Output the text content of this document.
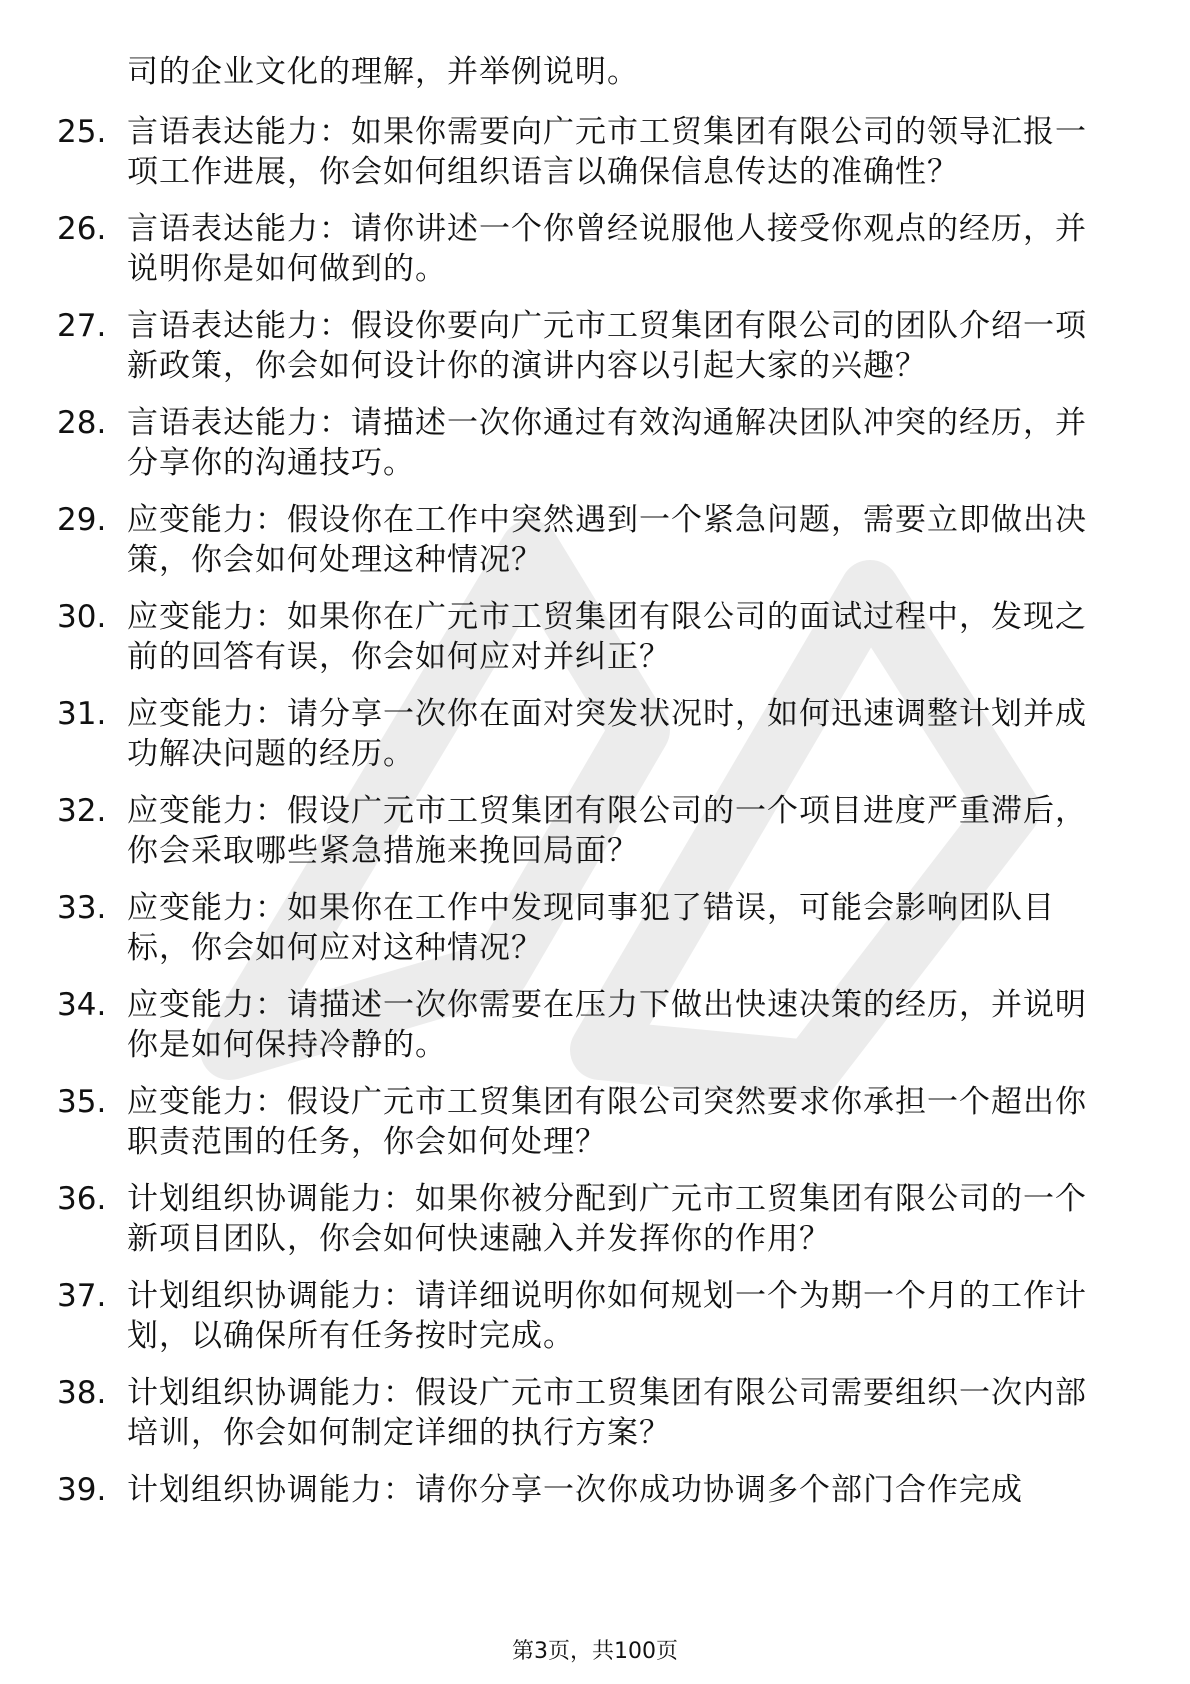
司的企业文化的理解，并举例说明。
25. 言语表达能力：如果你需要向广元市工贸集团有限公司的领导汇报一项工作进展，你会如何组织语言以确保信息传达的准确性？
26. 言语表达能力：请你讲述一个你曾经说服他人接受你观点的经历，并说明你是如何做到的。
27. 言语表达能力：假设你要向广元市工贸集团有限公司的团队介绍一项新政策，你会如何设计你的演讲内容以引起大家的兴趣？
28. 言语表达能力：请描述一次你通过有效沟通解决团队冲突的经历，并分享你的沟通技巧。
29. 应变能力：假设你在工作中突然遇到一个紧急问题，需要立即做出决策，你会如何处理这种情况？
30. 应变能力：如果你在广元市工贸集团有限公司的面试过程中，发现之前的回答有误，你会如何应对并纠正？
31. 应变能力：请分享一次你在面对突发状况时，如何迅速调整计划并成功解决问题的经历。
32. 应变能力：假设广元市工贸集团有限公司的一个项目进度严重滞后，你会采取哪些紧急措施来挽回局面？
33. 应变能力：如果你在工作中发现同事犯了错误，可能会影响团队目标，你会如何应对这种情况？
34. 应变能力：请描述一次你需要在压力下做出快速决策的经历，并说明你是如何保持冷静的。
35. 应变能力：假设广元市工贸集团有限公司突然要求你承担一个超出你职责范围的任务，你会如何处理？
36. 计划组织协调能力：如果你被分配到广元市工贸集团有限公司的一个新项目团队，你会如何快速融入并发挥你的作用？
37. 计划组织协调能力：请详细说明你如何规划一个为期一个月的工作计划，以确保所有任务按时完成。
38. 计划组织协调能力：假设广元市工贸集团有限公司需要组织一次内部培训，你会如何制定详细的执行方案？
39. 计划组织协调能力：请你分享一次你成功协调多个部门合作完成
第3页，共100页
